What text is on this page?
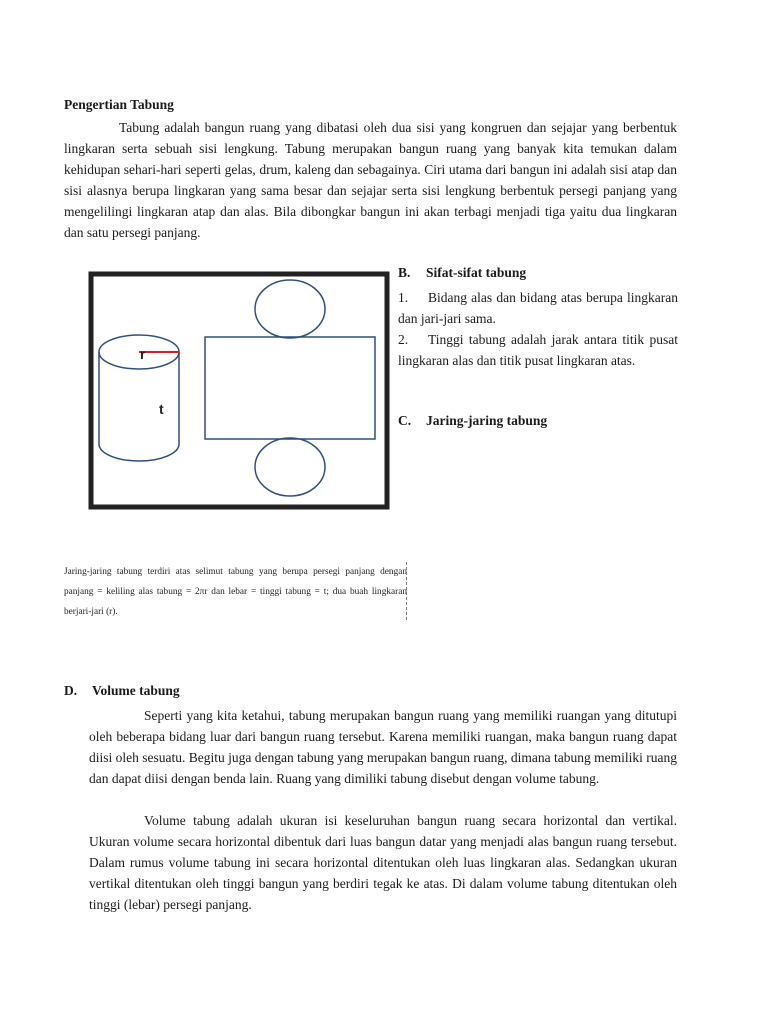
Pengertian Tabung

Tabung adalah bangun ruang yang dibatasi oleh dua sisi yang kongruen dan sejajar yang berbentuk lingkaran serta sebuah sisi lengkung. Tabung merupakan bangun ruang yang banyak kita temukan dalam kehidupan sehari-hari seperti gelas, drum, kaleng dan sebagainya. Ciri utama dari bangun ini adalah sisi atap dan sisi alasnya berupa lingkaran yang sama besar dan sejajar serta sisi lengkung berbentuk persegi panjang yang mengelilingi lingkaran atap dan alas. Bila dibongkar bangun ini akan terbagi menjadi tiga yaitu dua lingkaran dan satu persegi panjang.

r
t
Jaring-jaring tabung terdiri atas selimut tabung yang berupa persegi panjang dengan panjang = keliling alas tabung = 2πr dan lebar = tinggi tabung = t; dua buah lingkaran berjari-jari (r).
B. Sifat-sifat tabung

1. Bidang alas dan bidang atas berupa lingkaran dan jari-jari sama.

2. Tinggi tabung adalah jarak antara titik pusat lingkaran alas dan titik pusat lingkaran atas.

C. Jaring-jaring tabung
D. Volume tabung

Seperti yang kita ketahui, tabung merupakan bangun ruang yang memiliki ruangan yang ditutupi oleh beberapa bidang luar dari bangun ruang tersebut. Karena memiliki ruangan, maka bangun ruang dapat diisi oleh sesuatu. Begitu juga dengan tabung yang merupakan bangun ruang, dimana tabung memiliki ruang dan dapat diisi dengan benda lain. Ruang yang dimiliki tabung disebut dengan volume tabung.

Volume tabung adalah ukuran isi keseluruhan bangun ruang secara horizontal dan vertikal. Ukuran volume secara horizontal dibentuk dari luas bangun datar yang menjadi alas bangun ruang tersebut. Dalam rumus volume tabung ini secara horizontal ditentukan oleh luas lingkaran alas. Sedangkan ukuran vertikal ditentukan oleh tinggi bangun yang berdiri tegak ke atas. Di dalam volume tabung ditentukan oleh tinggi (lebar) persegi panjang.
